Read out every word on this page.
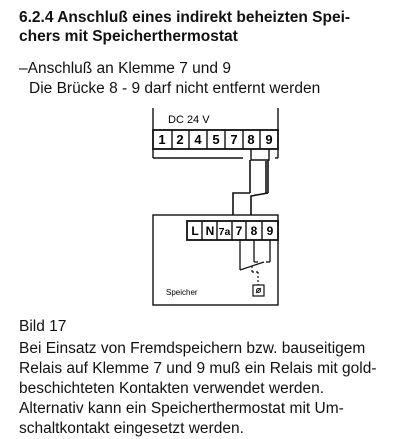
6.2.4 Anschluß eines indirekt beheizten Spei-
chers mit Speicherthermostat
–Anschluß an Klemme 7 und 9
Die Brücke 8 - 9 darf nicht entfernt werden
DC 24 V
1 2 4 5 7 8 9
L N 7a 7 8 9
Speicher
Bild 17
Bei Einsatz von Fremdspeichern bzw. bauseitigem
Relais auf Klemme 7 und 9 muß ein Relais mit gold-
beschichteten Kontakten verwendet werden.
Alternativ kann ein Speicherthermostat mit Um-
schaltkontakt eingesetzt werden.
